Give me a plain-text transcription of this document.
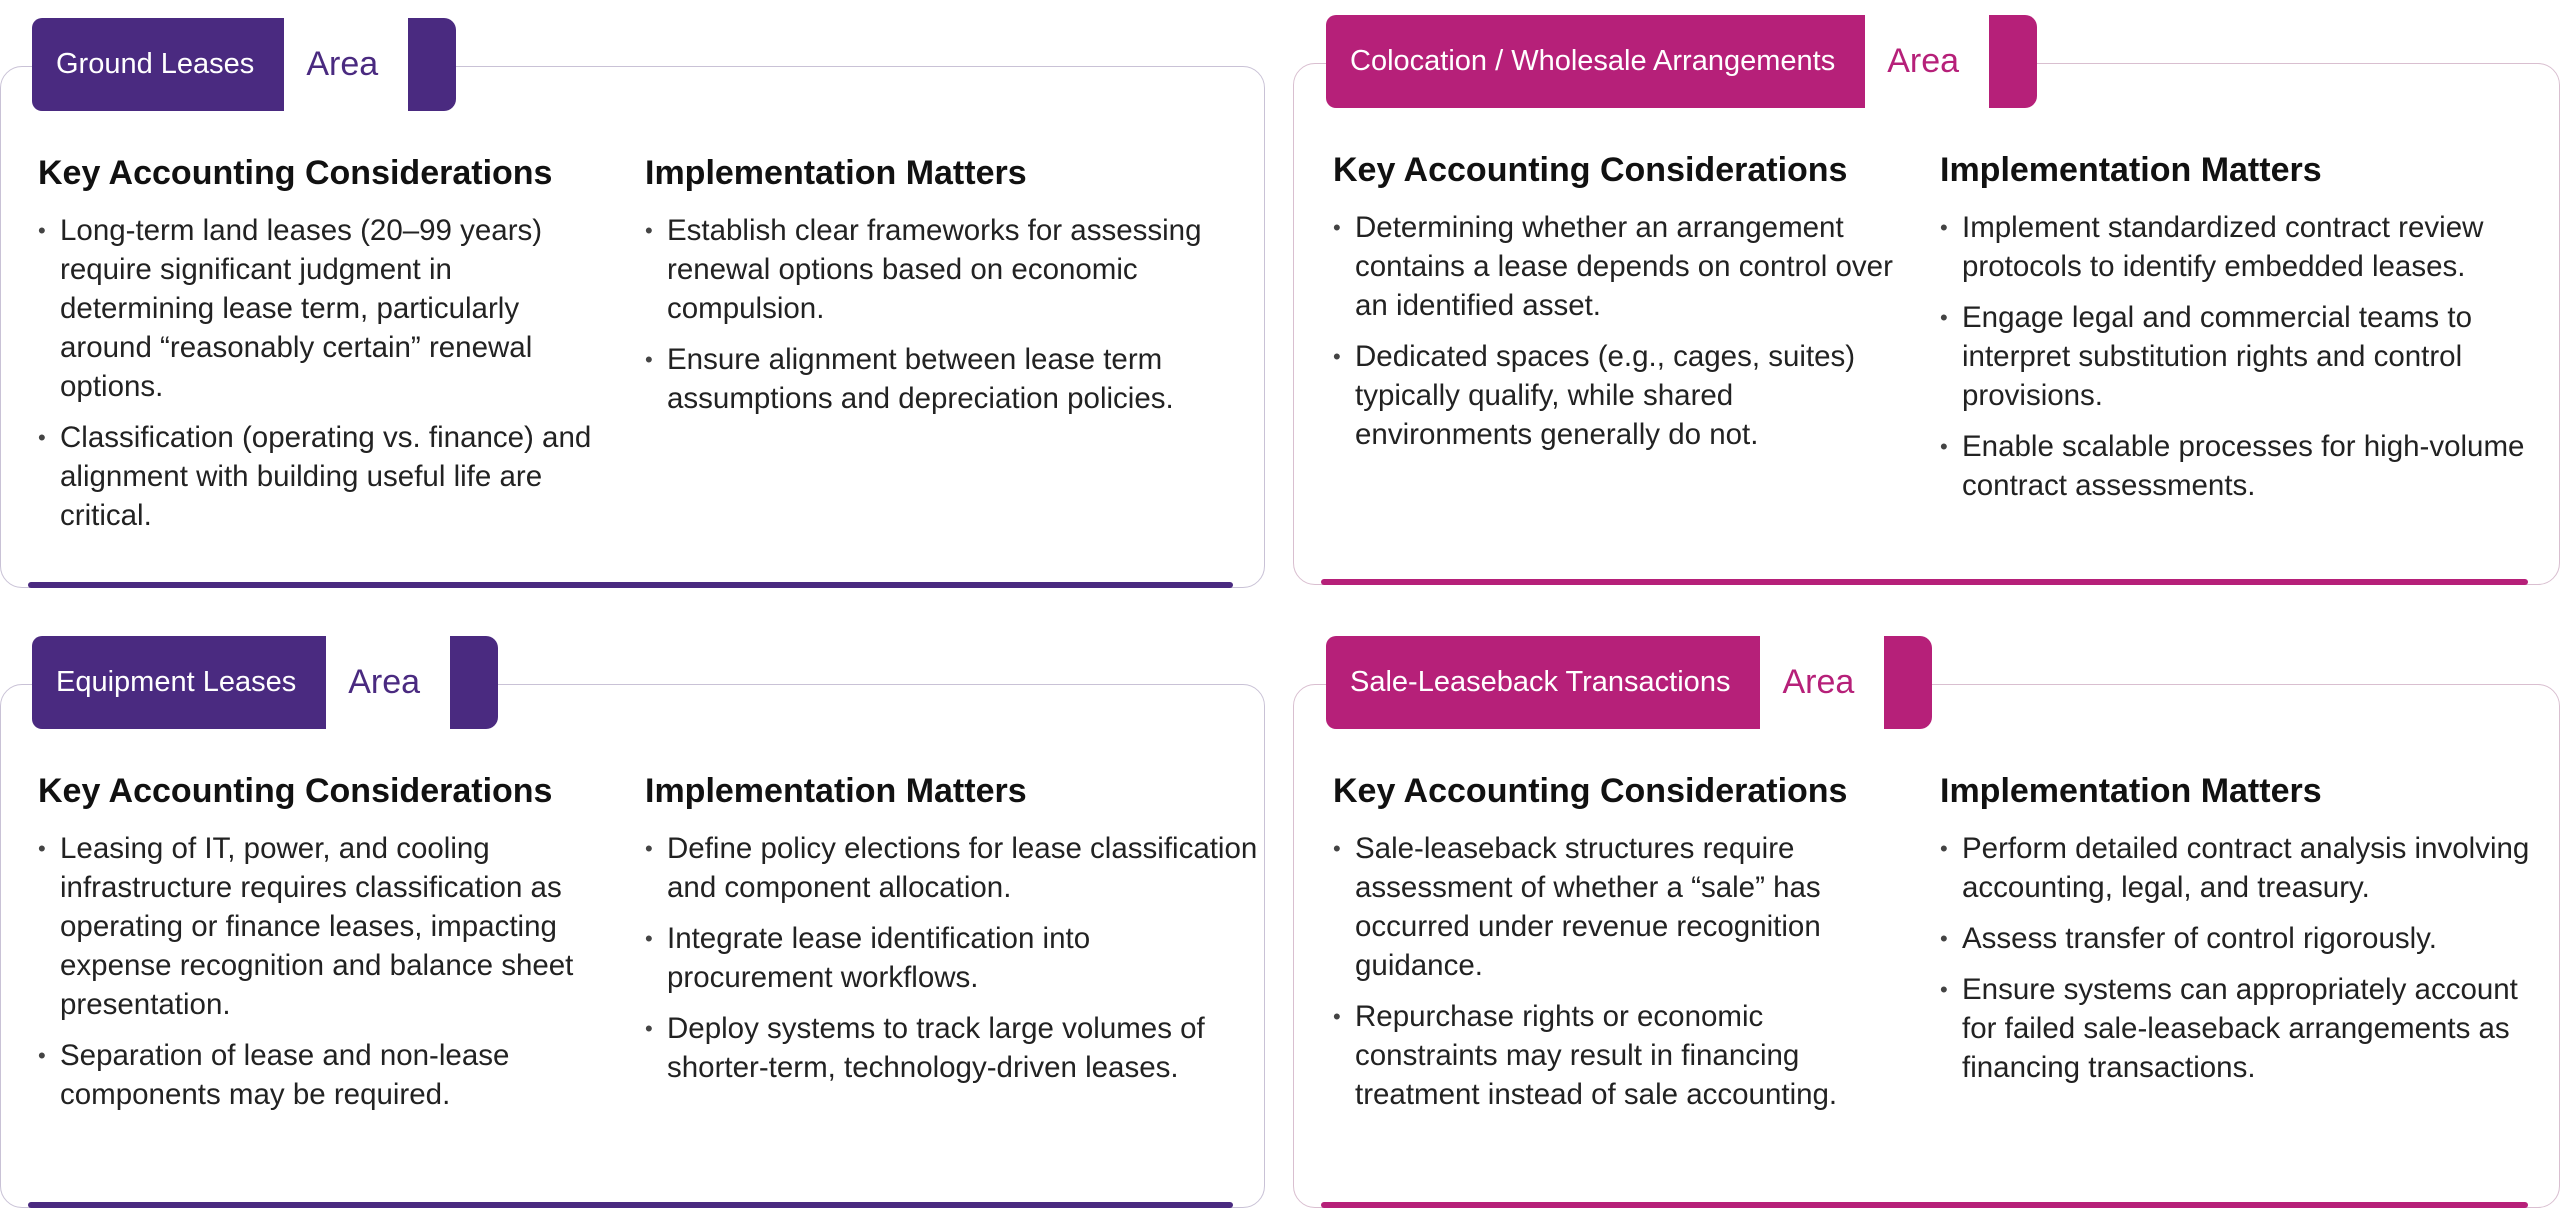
Ground Leases	Area
Key Accounting Considerations
• Long-term land leases (20–99 years) require significant judgment in determining lease term, particularly around “reasonably certain” renewal options.
• Classification (operating vs. finance) and alignment with building useful life are critical.
Implementation Matters
• Establish clear frameworks for assessing renewal options based on economic compulsion.
• Ensure alignment between lease term assumptions and depreciation policies.
Colocation / Wholesale Arrangements	Area
Key Accounting Considerations
• Determining whether an arrangement contains a lease depends on control over an identified asset.
• Dedicated spaces (e.g., cages, suites) typically qualify, while shared environments generally do not.
Implementation Matters
• Implement standardized contract review protocols to identify embedded leases.
• Engage legal and commercial teams to interpret substitution rights and control provisions.
• Enable scalable processes for high-volume contract assessments.
Equipment Leases	Area
Key Accounting Considerations
• Leasing of IT, power, and cooling infrastructure requires classification as operating or finance leases, impacting expense recognition and balance sheet presentation.
• Separation of lease and non-lease components may be required.
Implementation Matters
• Define policy elections for lease classification and component allocation.
• Integrate lease identification into procurement workflows.
• Deploy systems to track large volumes of shorter-term, technology-driven leases.
Sale-Leaseback Transactions	Area
Key Accounting Considerations
• Sale-leaseback structures require assessment of whether a “sale” has occurred under revenue recognition guidance.
• Repurchase rights or economic constraints may result in financing treatment instead of sale accounting.
Implementation Matters
• Perform detailed contract analysis involving accounting, legal, and treasury.
• Assess transfer of control rigorously.
• Ensure systems can appropriately account for failed sale-leaseback arrangements as financing transactions.
